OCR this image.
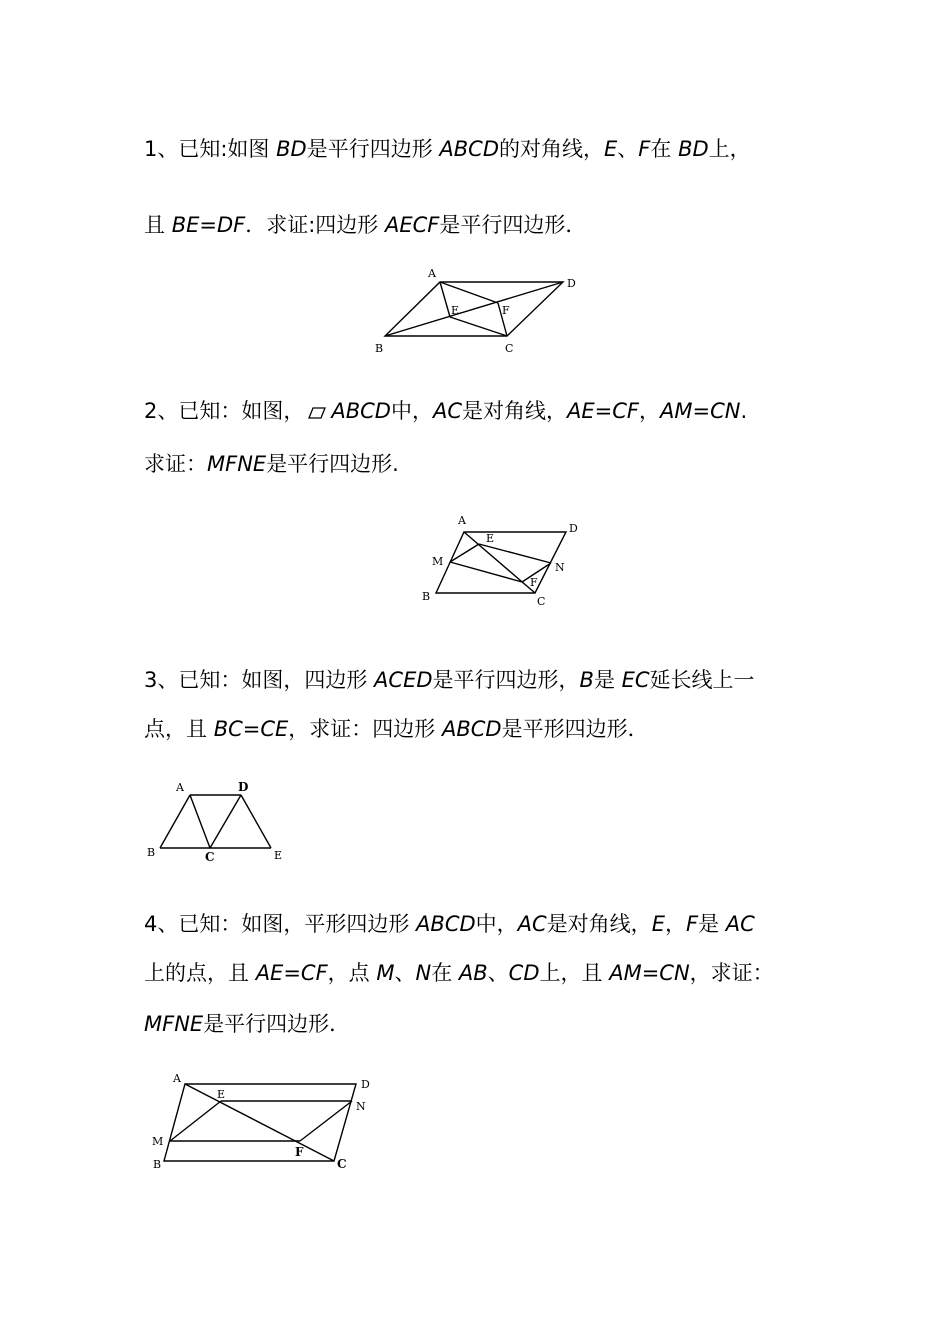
1、已知:如图 BD是平行四边形 ABCD的对角线，E、F在 BD上，

且 BE=DF．求证:四边形 AECF是平行四边形．

A
D
E	F
B	C

2、已知：如图， ABCD中，AC是对角线，AE=CF，AM=CN.

求证：MFNE是平行四边形.

A
D
E
M	N
F
B	C

3、已知：如图，四边形 ACED是平行四边形，B是 EC延长线上一

点，且 BC=CE，求证：四边形 ABCD是平形四边形．

A	D
B	C	E

4、已知：如图，平形四边形 ABCD中，AC是对角线，E，F是 AC

上的点，且 AE=CF，点 M、N在 AB、CD上，且 AM=CN，求证：

MFNE是平行四边形．

A	D
E
N
M
F
B	C
